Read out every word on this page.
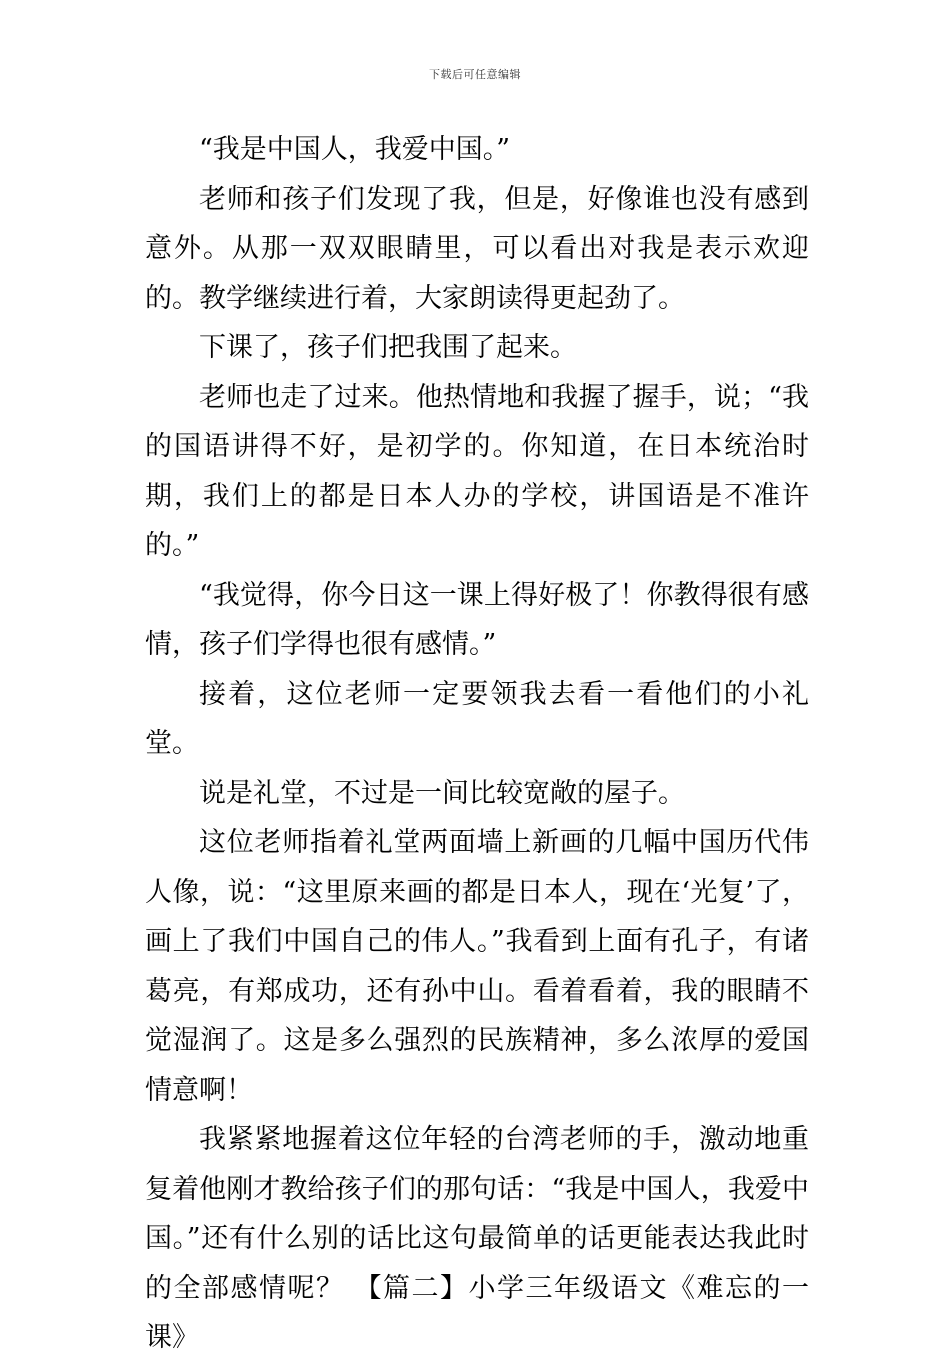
下载后可任意编辑

“我是中国人，我爱中国。”

老师和孩子们发现了我，但是，好像谁也没有感到意外。从那一双双眼睛里，可以看出对我是表示欢迎的。教学继续进行着，大家朗读得更起劲了。

下课了，孩子们把我围了起来。

老师也走了过来。他热情地和我握了握手，说；“我的国语讲得不好，是初学的。你知道，在日本统治时期，我们上的都是日本人办的学校，讲国语是不准许的。”

“我觉得，你今日这一课上得好极了！你教得很有感情，孩子们学得也很有感情。”

接着，这位老师一定要领我去看一看他们的小礼堂。

说是礼堂，不过是一间比较宽敞的屋子。

这位老师指着礼堂两面墙上新画的几幅中国历代伟人像，说：“这里原来画的都是日本人，现在‘光复’了，画上了我们中国自己的伟人。”我看到上面有孔子，有诸葛亮，有郑成功，还有孙中山。看着看着，我的眼睛不觉湿润了。这是多么强烈的民族精神，多么浓厚的爱国情意啊！

我紧紧地握着这位年轻的台湾老师的手，激动地重复着他刚才教给孩子们的那句话：“我是中国人，我爱中国。”还有什么别的话比这句最简单的话更能表达我此时的全部感情呢？ 【篇二】小学三年级语文《难忘的一课》
